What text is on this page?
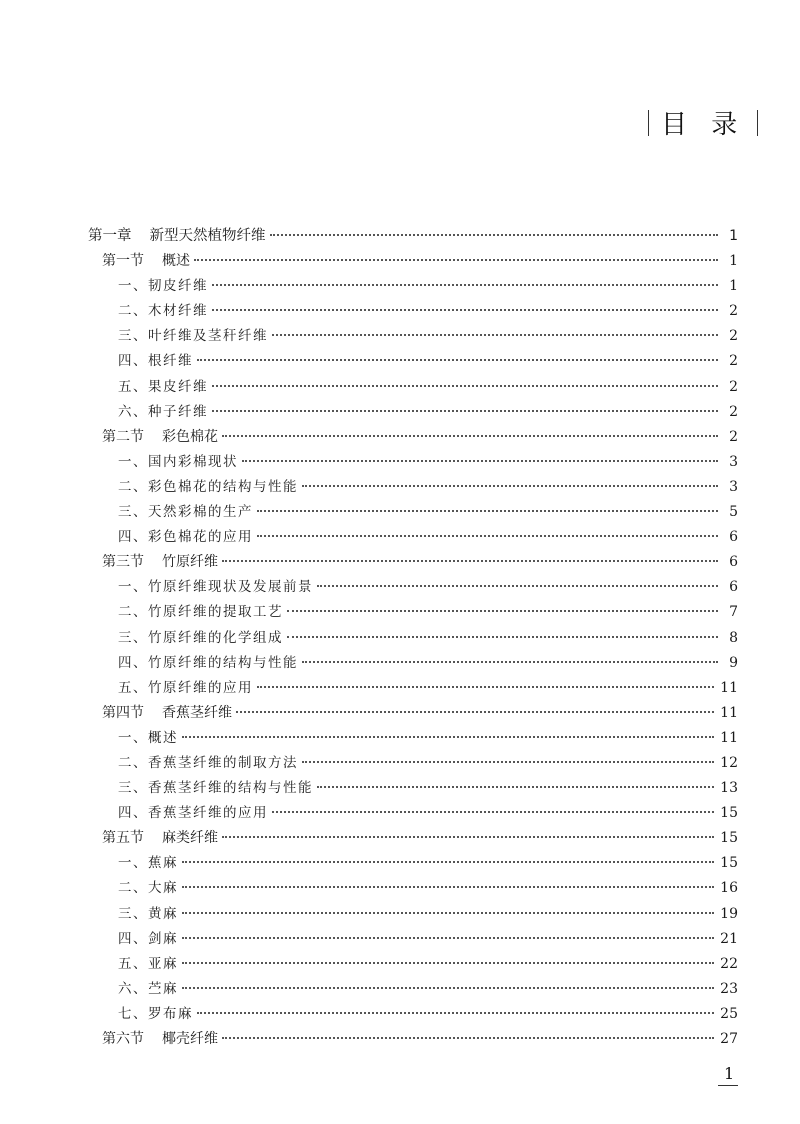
目 录
第一章 新型天然植物纤维	1
第一节 概述	1
一、 韧皮纤维	1
二、 木材纤维	2
三、 叶纤维及茎秆纤维	2
四、 根纤维	2
五、 果皮纤维	2
六、 种子纤维	2
第二节 彩色棉花	2
一、 国内彩棉现状	3
二、 彩色棉花的结构与性能	3
三、 天然彩棉的生产	5
四、 彩色棉花的应用	6
第三节 竹原纤维	6
一、 竹原纤维现状及发展前景	6
二、 竹原纤维的提取工艺	7
三、 竹原纤维的化学组成	8
四、 竹原纤维的结构与性能	9
五、 竹原纤维的应用	11
第四节 香蕉茎纤维	11
一、 概述	11
二、 香蕉茎纤维的制取方法	12
三、 香蕉茎纤维的结构与性能	13
四、 香蕉茎纤维的应用	15
第五节 麻类纤维	15
一、 蕉麻	15
二、 大麻	16
三、 黄麻	19
四、 剑麻	21
五、 亚麻	22
六、 苎麻	23
七、 罗布麻	25
第六节 椰壳纤维	27
1
